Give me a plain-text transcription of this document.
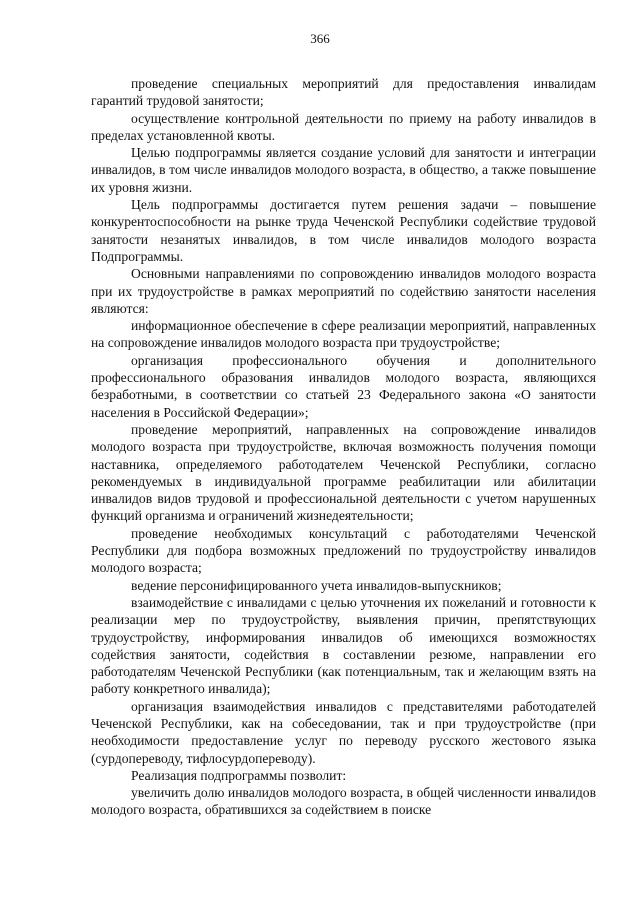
366

проведение специальных мероприятий для предоставления инвалидам гарантий трудовой занятости;

осуществление контрольной деятельности по приему на работу инвалидов в пределах установленной квоты.

Целью подпрограммы является создание условий для занятости и интеграции инвалидов, в том числе инвалидов молодого возраста, в общество, а также повышение их уровня жизни.

Цель подпрограммы достигается путем решения задачи – повышение конкурентоспособности на рынке труда Чеченской Республики содействие трудовой занятости незанятых инвалидов, в том числе инвалидов молодого возраста Подпрограммы.

Основными направлениями по сопровождению инвалидов молодого возраста при их трудоустройстве в рамках мероприятий по содействию занятости населения являются:

информационное обеспечение в сфере реализации мероприятий, направленных на сопровождение инвалидов молодого возраста при трудоустройстве;

организация профессионального обучения и дополнительного профессионального образования инвалидов молодого возраста, являющихся безработными, в соответствии со статьей 23 Федерального закона «О занятости населения в Российской Федерации»;

проведение мероприятий, направленных на сопровождение инвалидов молодого возраста при трудоустройстве, включая возможность получения помощи наставника, определяемого работодателем Чеченской Республики, согласно рекомендуемых в индивидуальной программе реабилитации или абилитации инвалидов видов трудовой и профессиональной деятельности с учетом нарушенных функций организма и ограничений жизнедеятельности;

проведение необходимых консультаций с работодателями Чеченской Республики для подбора возможных предложений по трудоустройству инвалидов молодого возраста;

ведение персонифицированного учета инвалидов-выпускников;

взаимодействие с инвалидами с целью уточнения их пожеланий и готовности к реализации мер по трудоустройству, выявления причин, препятствующих трудоустройству, информирования инвалидов об имеющихся возможностях содействия занятости, содействия в составлении резюме, направлении его работодателям Чеченской Республики (как потенциальным, так и желающим взять на работу конкретного инвалида);

организация взаимодействия инвалидов с представителями работодателей Чеченской Республики, как на собеседовании, так и при трудоустройстве (при необходимости предоставление услуг по переводу русского жестового языка (сурдопереводу, тифлосурдопереводу).

Реализация подпрограммы позволит:

увеличить долю инвалидов молодого возраста, в общей численности инвалидов молодого возраста, обратившихся за содействием в поиске
